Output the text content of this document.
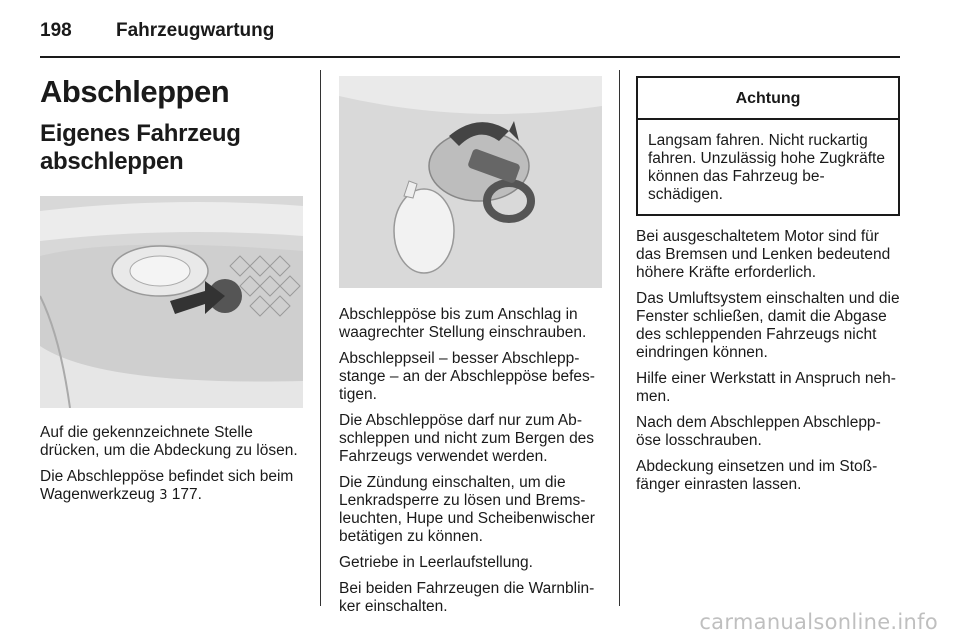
198	Fahrzeugwartung
Abschleppen
Eigenes Fahrzeug abschleppen

Auf die gekennzeichnete Stelle drücken, um die Abdeckung zu lösen.

Die Abschleppöse befindet sich beim Wagenwerkzeug 3 177.

Abschleppöse bis zum Anschlag in waagrechter Stellung einschrauben.

Abschleppseil – besser Abschleppstange – an der Abschleppöse befestigen.

Die Abschleppöse darf nur zum Abschleppen und nicht zum Bergen des Fahrzeugs verwendet werden.

Die Zündung einschalten, um die Lenkradsperre zu lösen und Bremsleuchten, Hupe und Scheibenwischer betätigen zu können.

Getriebe in Leerlaufstellung.

Bei beiden Fahrzeugen die Warnblinker einschalten.

Achtung
Langsam fahren. Nicht ruckartig fahren. Unzulässig hohe Zugkräfte können das Fahrzeug beschädigen.

Bei ausgeschaltetem Motor sind für das Bremsen und Lenken bedeutend höhere Kräfte erforderlich.

Das Umluftsystem einschalten und die Fenster schließen, damit die Abgase des schleppenden Fahrzeugs nicht eindringen können.

Hilfe einer Werkstatt in Anspruch nehmen.

Nach dem Abschleppen Abschleppöse losschrauben.

Abdeckung einsetzen und im Stoßfänger einrasten lassen.

carmanualsonline.info
